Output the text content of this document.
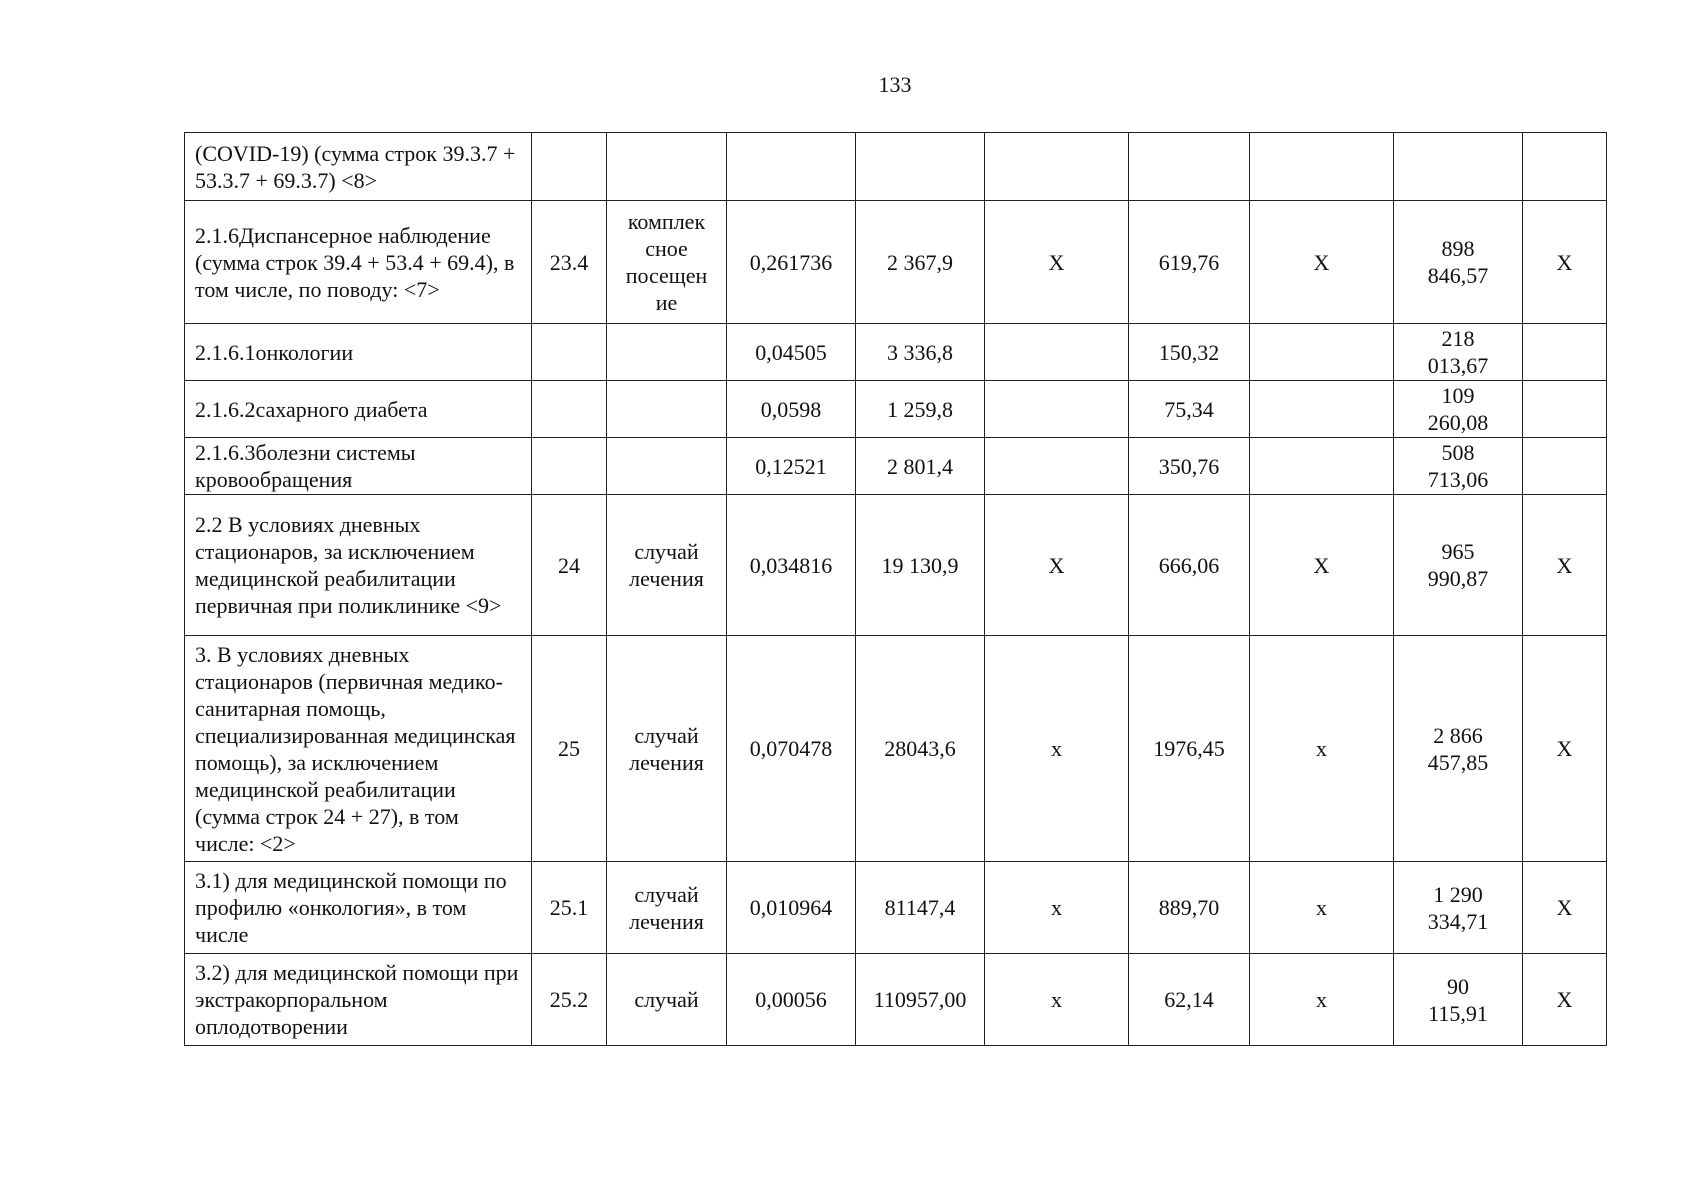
133
(COVID-19) (сумма строк 39.3.7 + 53.3.7 + 69.3.7) <8>									
2.1.6Диспансерное наблюдение (сумма строк 39.4 + 53.4 + 69.4), в том числе, по поводу: <7>	23.4	комплек сное посещен ие	0,261736	2 367,9	Х	619,76	Х	898
846,57	Х
2.1.6.1онкологии			0,04505	3 336,8		150,32		218
013,67	

2.1.6.2сахарного диабета			0,0598	1 259,8		75,34		109
260,08	

2.1.6.3болезни системы кровообращения			0,12521	2 801,4		350,76		508
713,06	

2.2 В условиях дневных стационаров, за исключением медицинской реабилитации первичная при поликлинике <9>	24	случай лечения	0,034816	19 130,9	Х	666,06	Х	965
990,87	Х
3. В условиях дневных стационаров (первичная медико-санитарная помощь, специализированная медицинская помощь), за исключением медицинской реабилитации (сумма строк 24 + 27), в том числе: <2>	25	случай лечения	0,070478	28043,6	х	1976,45	х	2 866
457,85	Х
3.1) для медицинской помощи по профилю «онкология», в том числе	25.1	случай лечения	0,010964	81147,4	х	889,70	х	1 290
334,71	Х
3.2) для медицинской помощи при экстракорпоральном оплодотворении	25.2	случай	0,00056	110957,00	х	62,14	х	90
115,91	Х
